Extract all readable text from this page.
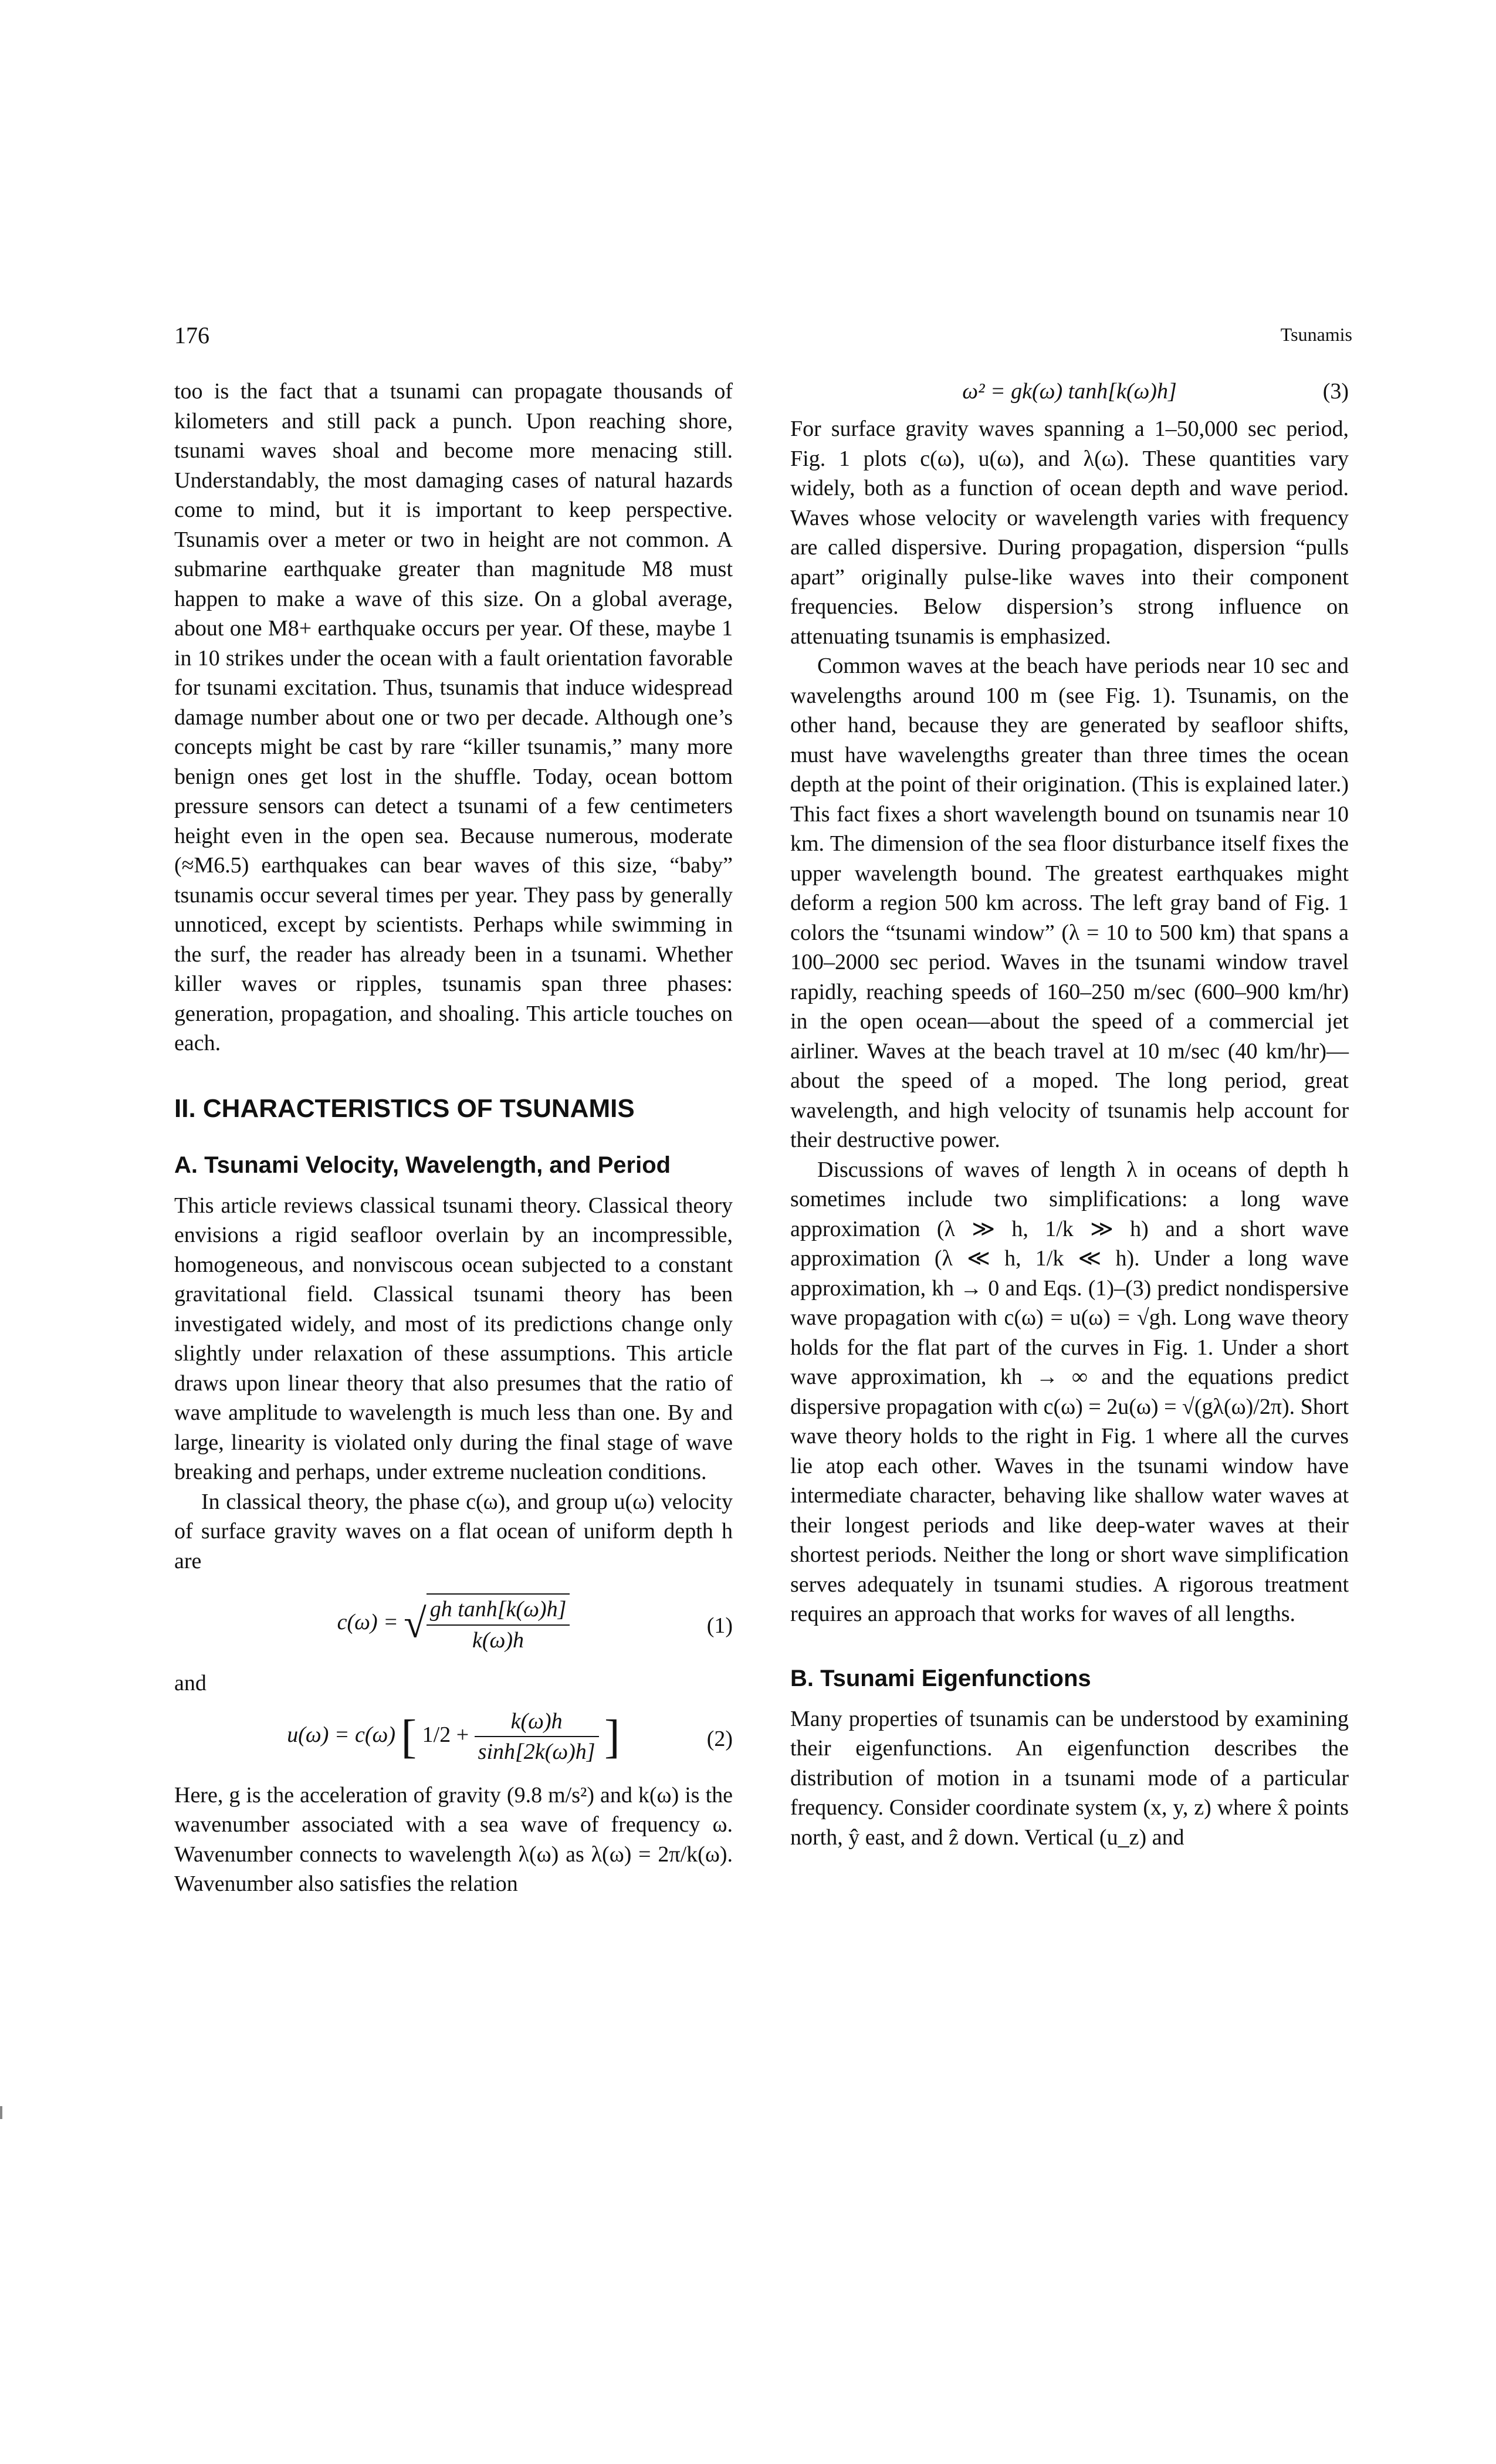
176	Tsunamis

too is the fact that a tsunami can propagate thousands of kilometers and still pack a punch. Upon reaching shore, tsunami waves shoal and become more menacing still. Understandably, the most damaging cases of natural hazards come to mind, but it is important to keep perspective. Tsunamis over a meter or two in height are not common. A submarine earthquake greater than magnitude M8 must happen to make a wave of this size. On a global average, about one M8+ earthquake occurs per year. Of these, maybe 1 in 10 strikes under the ocean with a fault orientation favorable for tsunami excitation. Thus, tsunamis that induce widespread damage number about one or two per decade. Although one’s concepts might be cast by rare “killer tsunamis,” many more benign ones get lost in the shuffle. Today, ocean bottom pressure sensors can detect a tsunami of a few centimeters height even in the open sea. Because numerous, moderate (≈M6.5) earthquakes can bear waves of this size, “baby” tsunamis occur several times per year. They pass by generally unnoticed, except by scientists. Perhaps while swimming in the surf, the reader has already been in a tsunami. Whether killer waves or ripples, tsunamis span three phases: generation, propagation, and shoaling. This article touches on each.

II. CHARACTERISTICS OF TSUNAMIS

A. Tsunami Velocity, Wavelength, and Period

This article reviews classical tsunami theory. Classical theory envisions a rigid seafloor overlain by an incompressible, homogeneous, and nonviscous ocean subjected to a constant gravitational field. Classical tsunami theory has been investigated widely, and most of its predictions change only slightly under relaxation of these assumptions. This article draws upon linear theory that also presumes that the ratio of wave amplitude to wavelength is much less than one. By and large, linearity is violated only during the final stage of wave breaking and perhaps, under extreme nucleation conditions.

In classical theory, the phase c(ω), and group u(ω) velocity of surface gravity waves on a flat ocean of uniform depth h are

c(ω) = √ $\frac{\text{gh tanh[k(ω)h]}}{k(\omega)h}$	(1)

and

u(ω) = c(ω) [ $1/2 + \frac{k(\omega)h}{\sinh[2k(\omega)h]}$ ]	(2)

Here, g is the acceleration of gravity (9.8 m/s²) and k(ω) is the wavenumber associated with a sea wave of frequency ω. Wavenumber connects to wavelength λ(ω) as λ(ω) = 2π/k(ω). Wavenumber also satisfies the relation

ω² = gk(ω) tanh[k(ω)h]	(3)

For surface gravity waves spanning a 1–50,000 sec period, Fig. 1 plots c(ω), u(ω), and λ(ω). These quantities vary widely, both as a function of ocean depth and wave period. Waves whose velocity or wavelength varies with frequency are called dispersive. During propagation, dispersion “pulls apart” originally pulse-like waves into their component frequencies. Below dispersion’s strong influence on attenuating tsunamis is emphasized.

Common waves at the beach have periods near 10 sec and wavelengths around 100 m (see Fig. 1). Tsunamis, on the other hand, because they are generated by seafloor shifts, must have wavelengths greater than three times the ocean depth at the point of their origination. (This is explained later.) This fact fixes a short wavelength bound on tsunamis near 10 km. The dimension of the sea floor disturbance itself fixes the upper wavelength bound. The greatest earthquakes might deform a region 500 km across. The left gray band of Fig. 1 colors the “tsunami window” (λ = 10 to 500 km) that spans a 100–2000 sec period. Waves in the tsunami window travel rapidly, reaching speeds of 160–250 m/sec (600–900 km/hr) in the open ocean—about the speed of a commercial jet airliner. Waves at the beach travel at 10 m/sec (40 km/hr)—about the speed of a moped. The long period, great wavelength, and high velocity of tsunamis help account for their destructive power.

Discussions of waves of length λ in oceans of depth h sometimes include two simplifications: a long wave approximation (λ ≫ h, 1/k ≫ h) and a short wave approximation (λ ≪ h, 1/k ≪ h). Under a long wave approximation, kh → 0 and Eqs. (1)–(3) predict nondispersive wave propagation with c(ω) = u(ω) = √gh. Long wave theory holds for the flat part of the curves in Fig. 1. Under a short wave approximation, kh → ∞ and the equations predict dispersive propagation with c(ω) = 2u(ω) = √(gλ(ω)/2π). Short wave theory holds to the right in Fig. 1 where all the curves lie atop each other. Waves in the tsunami window have intermediate character, behaving like shallow water waves at their longest periods and like deep-water waves at their shortest periods. Neither the long or short wave simplification serves adequately in tsunami studies. A rigorous treatment requires an approach that works for waves of all lengths.

B. Tsunami Eigenfunctions

Many properties of tsunamis can be understood by examining their eigenfunctions. An eigenfunction describes the distribution of motion in a tsunami mode of a particular frequency. Consider coordinate system (x, y, z) where x̂ points north, ŷ east, and ẑ down. Vertical (u_z) and
